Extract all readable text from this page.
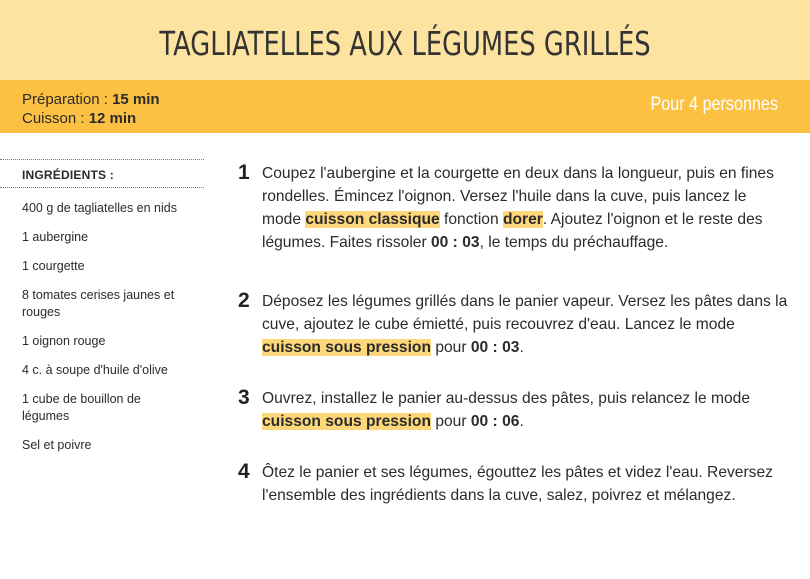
TAGLIATELLES AUX LÉGUMES GRILLÉS
Préparation : 15 min
Cuisson : 12 min
Pour 4 personnes
INGRÉDIENTS :
400 g de tagliatelles en nids
1 aubergine
1 courgette
8 tomates cerises jaunes et rouges
1 oignon rouge
4 c. à soupe d'huile d'olive
1 cube de bouillon de légumes
Sel et poivre
1 Coupez l'aubergine et la courgette en deux dans la longueur, puis en fines rondelles. Émincez l'oignon. Versez l'huile dans la cuve, puis lancez le mode cuisson classique fonction dorer. Ajoutez l'oignon et le reste des légumes. Faites rissoler 00 : 03, le temps du préchauffage.

2 Déposez les légumes grillés dans le panier vapeur. Versez les pâtes dans la cuve, ajoutez le cube émietté, puis recouvrez d'eau. Lancez le mode cuisson sous pression pour 00 : 03.

3 Ouvrez, installez le panier au-dessus des pâtes, puis relancez le mode cuisson sous pression pour 00 : 06.

4 Ôtez le panier et ses légumes, égouttez les pâtes et videz l'eau. Reversez l'ensemble des ingrédients dans la cuve, salez, poivrez et mélangez.
